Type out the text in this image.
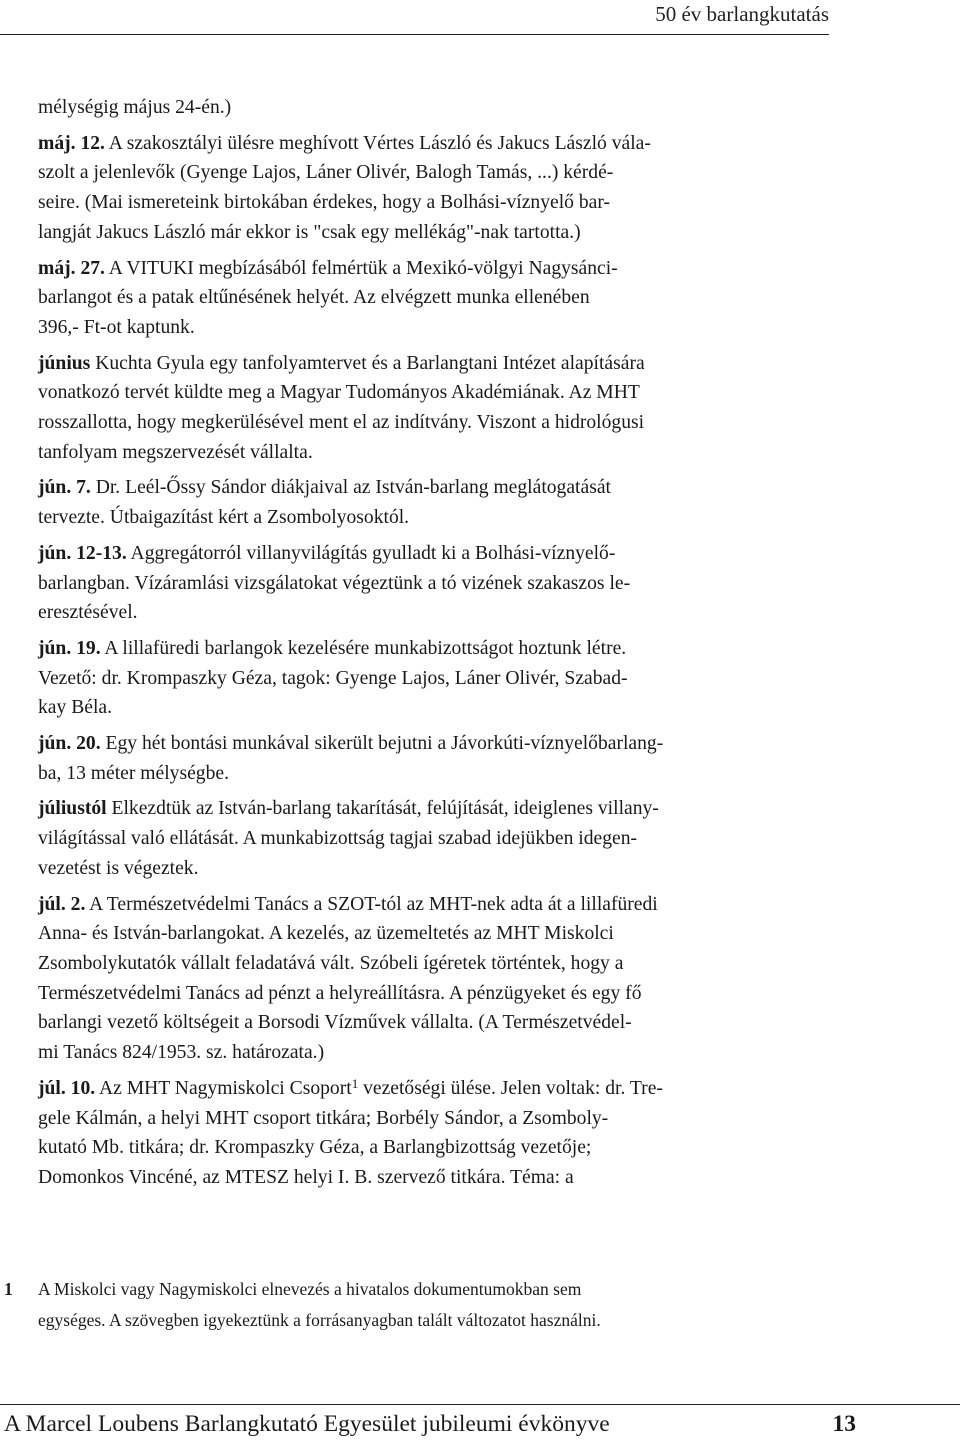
50 év barlangkutatás
mélységig május 24-én.)
máj. 12. A szakosztályi ülésre meghívott Vértes László és Jakucs László vála-
szolt a jelenlevők (Gyenge Lajos, Láner Olivér, Balogh Tamás, ...) kérdé-
seire. (Mai ismereteink birtokában érdekes, hogy a Bolhási-víznyelő bar-
langját Jakucs László már ekkor is "csak egy mellékág"-nak tartotta.)
máj. 27. A VITUKI megbízásából felmértük a Mexikó-völgyi Nagysánci-
barlangot és a patak eltűnésének helyét. Az elvégzett munka ellenében
396,- Ft-ot kaptunk.
június Kuchta Gyula egy tanfolyamtervet és a Barlangtani Intézet alapítására
vonatkozó tervét küldte meg a Magyar Tudományos Akadémiának. Az MHT
rosszallotta, hogy megkerülésével ment el az indítvány. Viszont a hidrológusi
tanfolyam megszervezését vállalta.
jún. 7. Dr. Leél-Őssy Sándor diákjaival az István-barlang meglátogatását
tervezte. Útbaigazítást kért a Zsombolyosoktól.
jún. 12-13. Aggregátorról villanyvilágítás gyulladt ki a Bolhási-víznyelő-
barlangban. Vízáramlási vizsgálatokat végeztünk a tó vizének szakaszos le-
eresztésével.
jún. 19. A lillafüredi barlangok kezelésére munkabizottságot hoztunk létre.
Vezető: dr. Krompaszky Géza, tagok: Gyenge Lajos, Láner Olivér, Szabad-
kay Béla.
jún. 20. Egy hét bontási munkával sikerült bejutni a Jávorkúti-víznyelőbarlang-
ba, 13 méter mélységbe.
júliustól Elkezdtük az István-barlang takarítását, felújítását, ideiglenes villany-
világítással való ellátását. A munkabizottság tagjai szabad idejükben idegen-
vezetést is végeztek.
júl. 2. A Természetvédelmi Tanács a SZOT-tól az MHT-nek adta át a lillafüredi
Anna- és István-barlangokat. A kezelés, az üzemeltetés az MHT Miskolci
Zsombolykutatók vállalt feladatává vált. Szóbeli ígéretek történtek, hogy a
Természetvédelmi Tanács ad pénzt a helyreállításra. A pénzügyeket és egy fő
barlangi vezető költségeit a Borsodi Vízművek vállalta. (A Természetvédel-
mi Tanács 824/1953. sz. határozata.)
júl. 10. Az MHT Nagymiskolci Csoport$^1$ vezetőségi ülése. Jelen voltak: dr. Tre-
gele Kálmán, a helyi MHT csoport titkára; Borbély Sándor, a Zsomboly-
kutató Mb. titkára; dr. Krompaszky Géza, a Barlangbizottság vezetője;
Domonkos Vincéné, az MTESZ helyi I. B. szervező titkára. Téma: a
1 A Miskolci vagy Nagymiskolci elnevezés a hivatalos dokumentumokban sem
egységes. A szövegben igyekeztünk a forrásanyagban talált változatot használni.
A Marcel Loubens Barlangkutató Egyesület jubileumi évkönyve	13
